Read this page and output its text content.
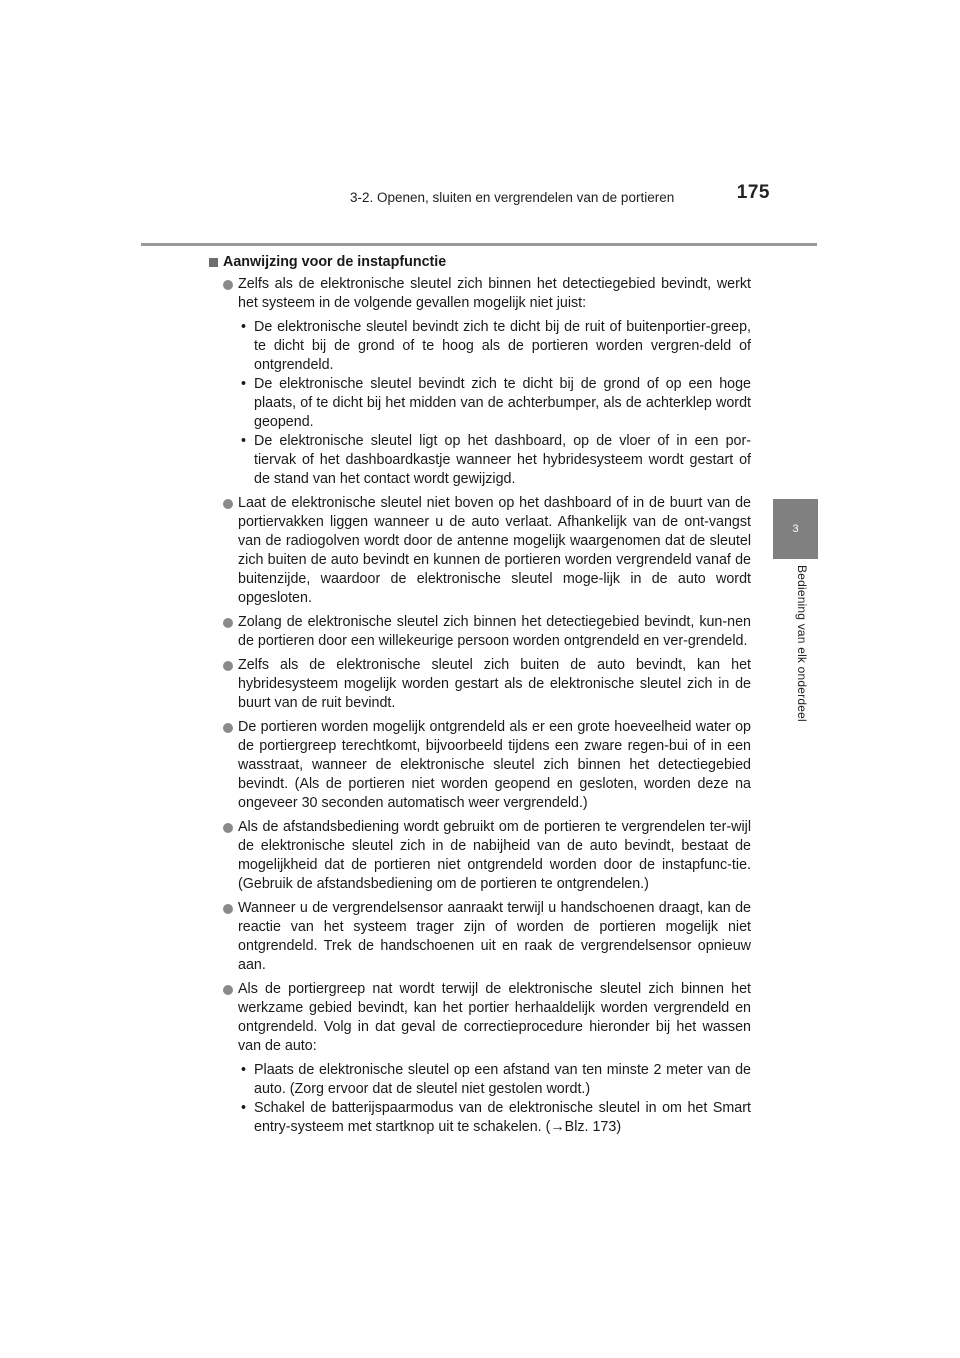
3-2. Openen, sluiten en vergrendelen van de portieren	175
3
Bediening van elk onderdeel
Aanwijzing voor de instapfunctie
Zelfs als de elektronische sleutel zich binnen het detectiegebied bevindt, werkt het systeem in de volgende gevallen mogelijk niet juist:
• De elektronische sleutel bevindt zich te dicht bij de ruit of buitenportier-greep, te dicht bij de grond of te hoog als de portieren worden vergren-deld of ontgrendeld.
• De elektronische sleutel bevindt zich te dicht bij de grond of op een hoge plaats, of te dicht bij het midden van de achterbumper, als de achterklep wordt geopend.
• De elektronische sleutel ligt op het dashboard, op de vloer of in een por-tiervak of het dashboardkastje wanneer het hybridesysteem wordt gestart of de stand van het contact wordt gewijzigd.
Laat de elektronische sleutel niet boven op het dashboard of in de buurt van de portiervakken liggen wanneer u de auto verlaat. Afhankelijk van de ont-vangst van de radiogolven wordt door de antenne mogelijk waargenomen dat de sleutel zich buiten de auto bevindt en kunnen de portieren worden vergrendeld vanaf de buitenzijde, waardoor de elektronische sleutel moge-lijk in de auto wordt opgesloten.
Zolang de elektronische sleutel zich binnen het detectiegebied bevindt, kun-nen de portieren door een willekeurige persoon worden ontgrendeld en ver-grendeld.
Zelfs als de elektronische sleutel zich buiten de auto bevindt, kan het hybridesysteem mogelijk worden gestart als de elektronische sleutel zich in de buurt van de ruit bevindt.
De portieren worden mogelijk ontgrendeld als er een grote hoeveelheid water op de portiergreep terechtkomt, bijvoorbeeld tijdens een zware regen-bui of in een wasstraat, wanneer de elektronische sleutel zich binnen het detectiegebied bevindt. (Als de portieren niet worden geopend en gesloten, worden deze na ongeveer 30 seconden automatisch weer vergrendeld.)
Als de afstandsbediening wordt gebruikt om de portieren te vergrendelen ter-wijl de elektronische sleutel zich in de nabijheid van de auto bevindt, bestaat de mogelijkheid dat de portieren niet ontgrendeld worden door de instapfunc-tie. (Gebruik de afstandsbediening om de portieren te ontgrendelen.)
Wanneer u de vergrendelsensor aanraakt terwijl u handschoenen draagt, kan de reactie van het systeem trager zijn of worden de portieren mogelijk niet ontgrendeld. Trek de handschoenen uit en raak de vergrendelsensor opnieuw aan.
Als de portiergreep nat wordt terwijl de elektronische sleutel zich binnen het werkzame gebied bevindt, kan het portier herhaaldelijk worden vergrendeld en ontgrendeld. Volg in dat geval de correctieprocedure hieronder bij het wassen van de auto:
• Plaats de elektronische sleutel op een afstand van ten minste 2 meter van de auto. (Zorg ervoor dat de sleutel niet gestolen wordt.)
• Schakel de batterijspaarmodus van de elektronische sleutel in om het Smart entry-systeem met startknop uit te schakelen. (→Blz. 173)
